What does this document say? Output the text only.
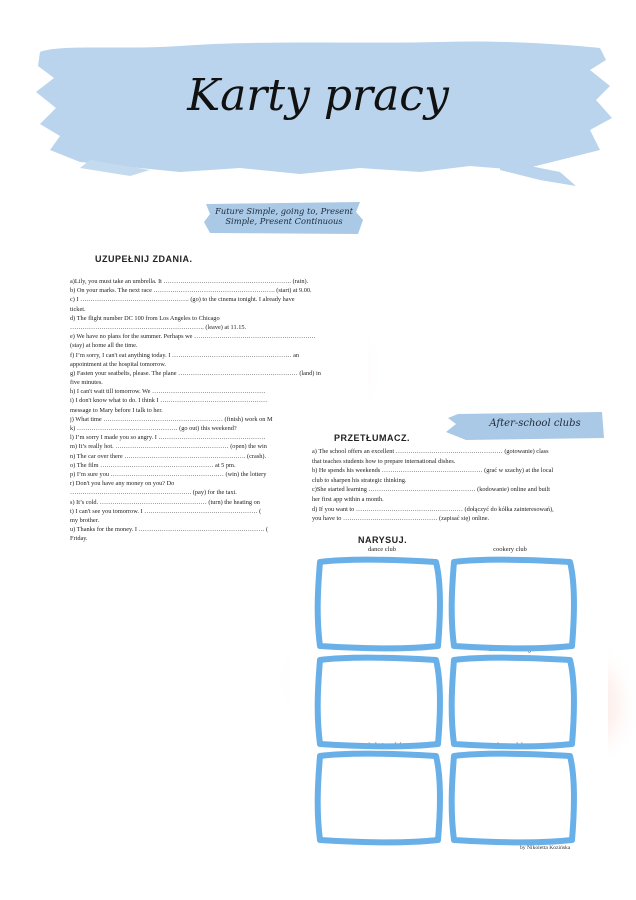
Karty pracy
Future Simple, going to, Present
Simple, Present Continuous
UZUPEŁNIJ ZDANIA.
a)Lily, you must take an umbrella. It ……………………………………………………. (rain).
b) On your marks. The next race …………………………………………………. (start) at 9.00.
c) I ……………………………………………. (go) to the cinema tonight. I already have
ticket.
d) The flight number DC 100 from Los Angeles to Chicago
………………………………………………………. (leave) at 11.15.
e) We have no plans for the summer. Perhaps we ………………………………………………….
(stay) at home all the time.
f) I’m sorry, I can't eat anything today. I ………………………………………………… an
appointment at the hospital tomorrow.
g) Fasten your seatbelts, please. The plane ………………………………………………… (land) in
five minutes.
h) I can't wait till tomorrow. We ………………………………………………
i) I don't know what to do. I think I ……………………………………………
message to Mary before I talk to her.
j) What time ………………………………………………… (finish) work on M
k) ………………………………………… (go out) this weekend?
l) I’m sorry I made you so angry. I ……………………………………………
m) It’s really hot. ……………………………………………… (open) the win
n) The car over there …………………………………………………. (crash).
o) The film ……………………………………………… at 5 pm.
p) I’m sure you ……………………………………………… (win) the lottery
r) Don't you have any money on you? Do
…………………………………………………. (pay) for the taxi.
s) It’s cold. …………………………………………… (turn) the heating on
t) I can't see you tomorrow. I ……………………………………………… (
my brother.
u) Thanks for the money. I …………………………………………………… (
Friday.
After-school clubs
PRZETŁUMACZ.
a) The school offers an excellent …………………………………………… (gotowanie) class
that teaches students how to prepare international dishes.
b) He spends his weekends ………………………………………… (grać w szachy) at the local
club to sharpen his strategic thinking.
c)She started learning …………………………………………… (kodowanie) online and built
her first app within a month.
d) If you want to …………………………………………… (dołączyć do kółka zainteresowań),
you have to ……………………………………… (zapisać się) online.
NARYSUJ.
dance club	cookery club
arts and crafts club	indoor climbing
web design club	drama club
by Nikoletta Kozińska
